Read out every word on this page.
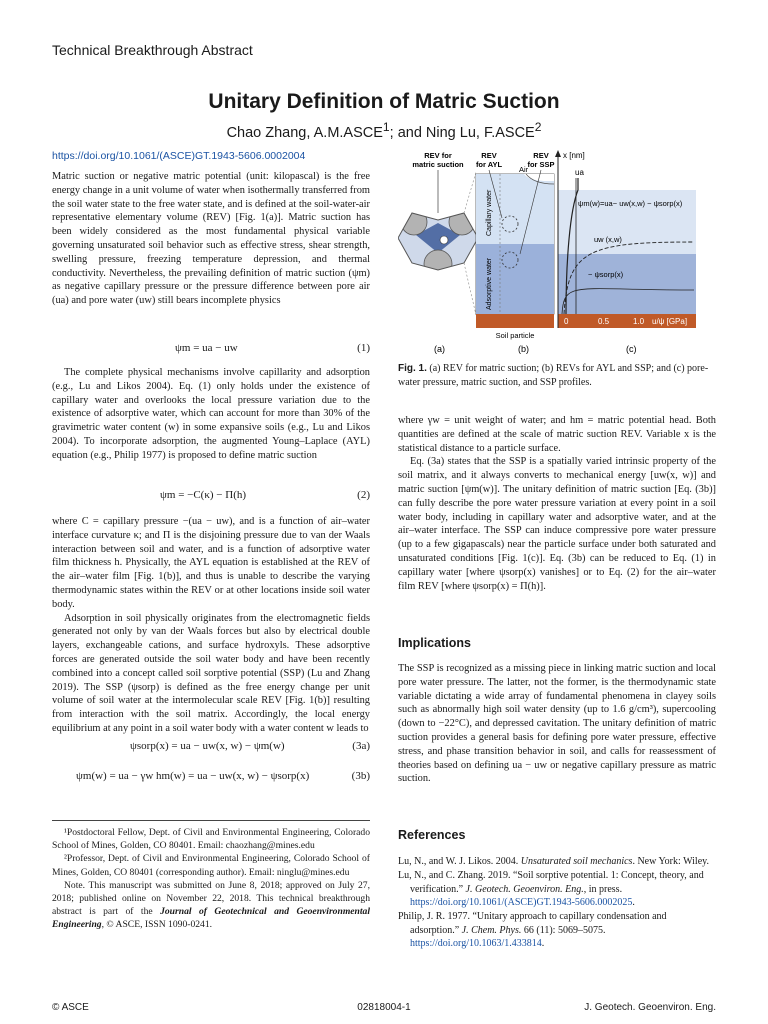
Technical Breakthrough Abstract
Unitary Definition of Matric Suction
Chao Zhang, A.M.ASCE$^1$; and Ning Lu, F.ASCE$^2$
https://doi.org/10.1061/(ASCE)GT.1943-5606.0002004

Matric suction or negative matric potential (unit: kilopascal) is the free energy change in a unit volume of water when isothermally transferred from the soil water state to the free water state, and is defined at the soil-water-air representative elementary volume (REV) [Fig. 1(a)]. Matric suction has been widely considered as the most fundamental physical variable governing unsaturated soil behavior such as effective stress, shear strength, swelling pressure, freezing temperature depression, and thermal conductivity. Nevertheless, the prevailing definition of matric suction (ψm) as negative capillary pressure or the pressure difference between pore air (ua) and pore water (uw) still bears incomplete physics

ψm = ua − uw	(1)

The complete physical mechanisms involve capillarity and adsorption (e.g., Lu and Likos 2004). Eq. (1) only holds under the existence of capillary water and overlooks the local pressure variation due to the existence of adsorptive water, which can account for more than 30% of the gravimetric water content (w) in some expansive soils (e.g., Lu and Likos 2004). To incorporate adsorption, the augmented Young–Laplace (AYL) equation (e.g., Philip 1977) is proposed to define matric suction

ψm = −C(κ) − Π(h)	(2)

where C = capillary pressure −(ua − uw), and is a function of air–water interface curvature κ; and Π is the disjoining pressure due to van der Waals interaction between soil and water, and is a function of adsorptive water film thickness h. Physically, the AYL equation is established at the REV of the air–water film [Fig. 1(b)], and thus is unable to describe the varying thermodynamic states within the REV or at other locations inside soil water body.

Adsorption in soil physically originates from the electromagnetic fields generated not only by van der Waals forces but also by electrical double layers, exchangeable cations, and surface hydroxyls. These adsorptive forces are generated outside the soil water body and have been recently combined into a concept called soil sorptive potential (SSP) (Lu and Zhang 2019). The SSP (ψsorp) is defined as the free energy change per unit volume of soil water at the intermolecular scale REV [Fig. 1(b)] resulting from interaction with the soil matrix. Accordingly, the local energy equilibrium at any point in a soil water body with a water content w leads to

ψsorp(x) = ua − uw(x, w) − ψm(w)	(3a)
ψm(w) = ua − γw hm(w) = ua − uw(x, w) − ψsorp(x)	(3b)

¹Postdoctoral Fellow, Dept. of Civil and Environmental Engineering, Colorado School of Mines, Golden, CO 80401. Email: chaozhang@mines.edu

²Professor, Dept. of Civil and Environmental Engineering, Colorado School of Mines, Golden, CO 80401 (corresponding author). Email: ninglu@mines.edu

Note. This manuscript was submitted on June 8, 2018; approved on July 27, 2018; published online on November 22, 2018. This technical breakthrough abstract is part of the Journal of Geotechnical and Geoenvironmental Engineering, © ASCE, ISSN 1090-0241.

REV for
matric suction
REV
for AYL
REV
for SSP
Air
Capillary water
Adsorptive water
Soil particle
x [nm]
ua
ψm(w)=ua− uw(x,w) − ψsorp(x)
uw (x,w)
− ψsorp(x)
0	0.5	1.0 u/ψ [GPa]
(a)	(b)	(c)
Fig. 1. (a) REV for matric suction; (b) REVs for AYL and SSP; and (c) pore-water pressure, matric suction, and SSP profiles.

where γw = unit weight of water; and hm = matric potential head. Both quantities are defined at the scale of matric suction REV. Variable x is the statistical distance to a particle surface.

Eq. (3a) states that the SSP is a spatially varied intrinsic property of the soil matrix, and it always converts to mechanical energy [uw(x, w)] and matric suction [ψm(w)]. The unitary definition of matric suction [Eq. (3b)] can fully describe the pore water pressure variation at every point in a soil water body, including in capillary water and adsorptive water, and at the air–water interface. The SSP can induce compressive pore water pressure (up to a few gigapascals) near the particle surface under both saturated and unsaturated conditions [Fig. 1(c)]. Eq. (3b) can be reduced to Eq. (1) in capillary water [where ψsorp(x) vanishes] or to Eq. (2) for the air–water film REV [where ψsorp(x) = Π(h)].

Implications

The SSP is recognized as a missing piece in linking matric suction and local pore water pressure. The latter, not the former, is the thermodynamic state variable dictating a wide array of fundamental phenomena in clayey soils such as abnormally high soil water density (up to 1.6 g/cm³), supercooling (down to −22°C), and depressed cavitation. The unitary definition of matric suction provides a general basis for defining pore water pressure, effective stress, and phase transition behavior in soil, and calls for reassessment of theories based on defining ua − uw or negative capillary pressure as matric suction.

References

Lu, N., and W. J. Likos. 2004. Unsaturated soil mechanics. New York: Wiley.

Lu, N., and C. Zhang. 2019. “Soil sorptive potential. 1: Concept, theory, and verification.” J. Geotech. Geoenviron. Eng., in press. https://doi.org/10.1061/(ASCE)GT.1943-5606.0002025.

Philip, J. R. 1977. “Unitary approach to capillary condensation and adsorption.” J. Chem. Phys. 66 (11): 5069–5075. https://doi.org/10.1063/1.433814.

© ASCE	02818004-1	J. Geotech. Geoenviron. Eng.
